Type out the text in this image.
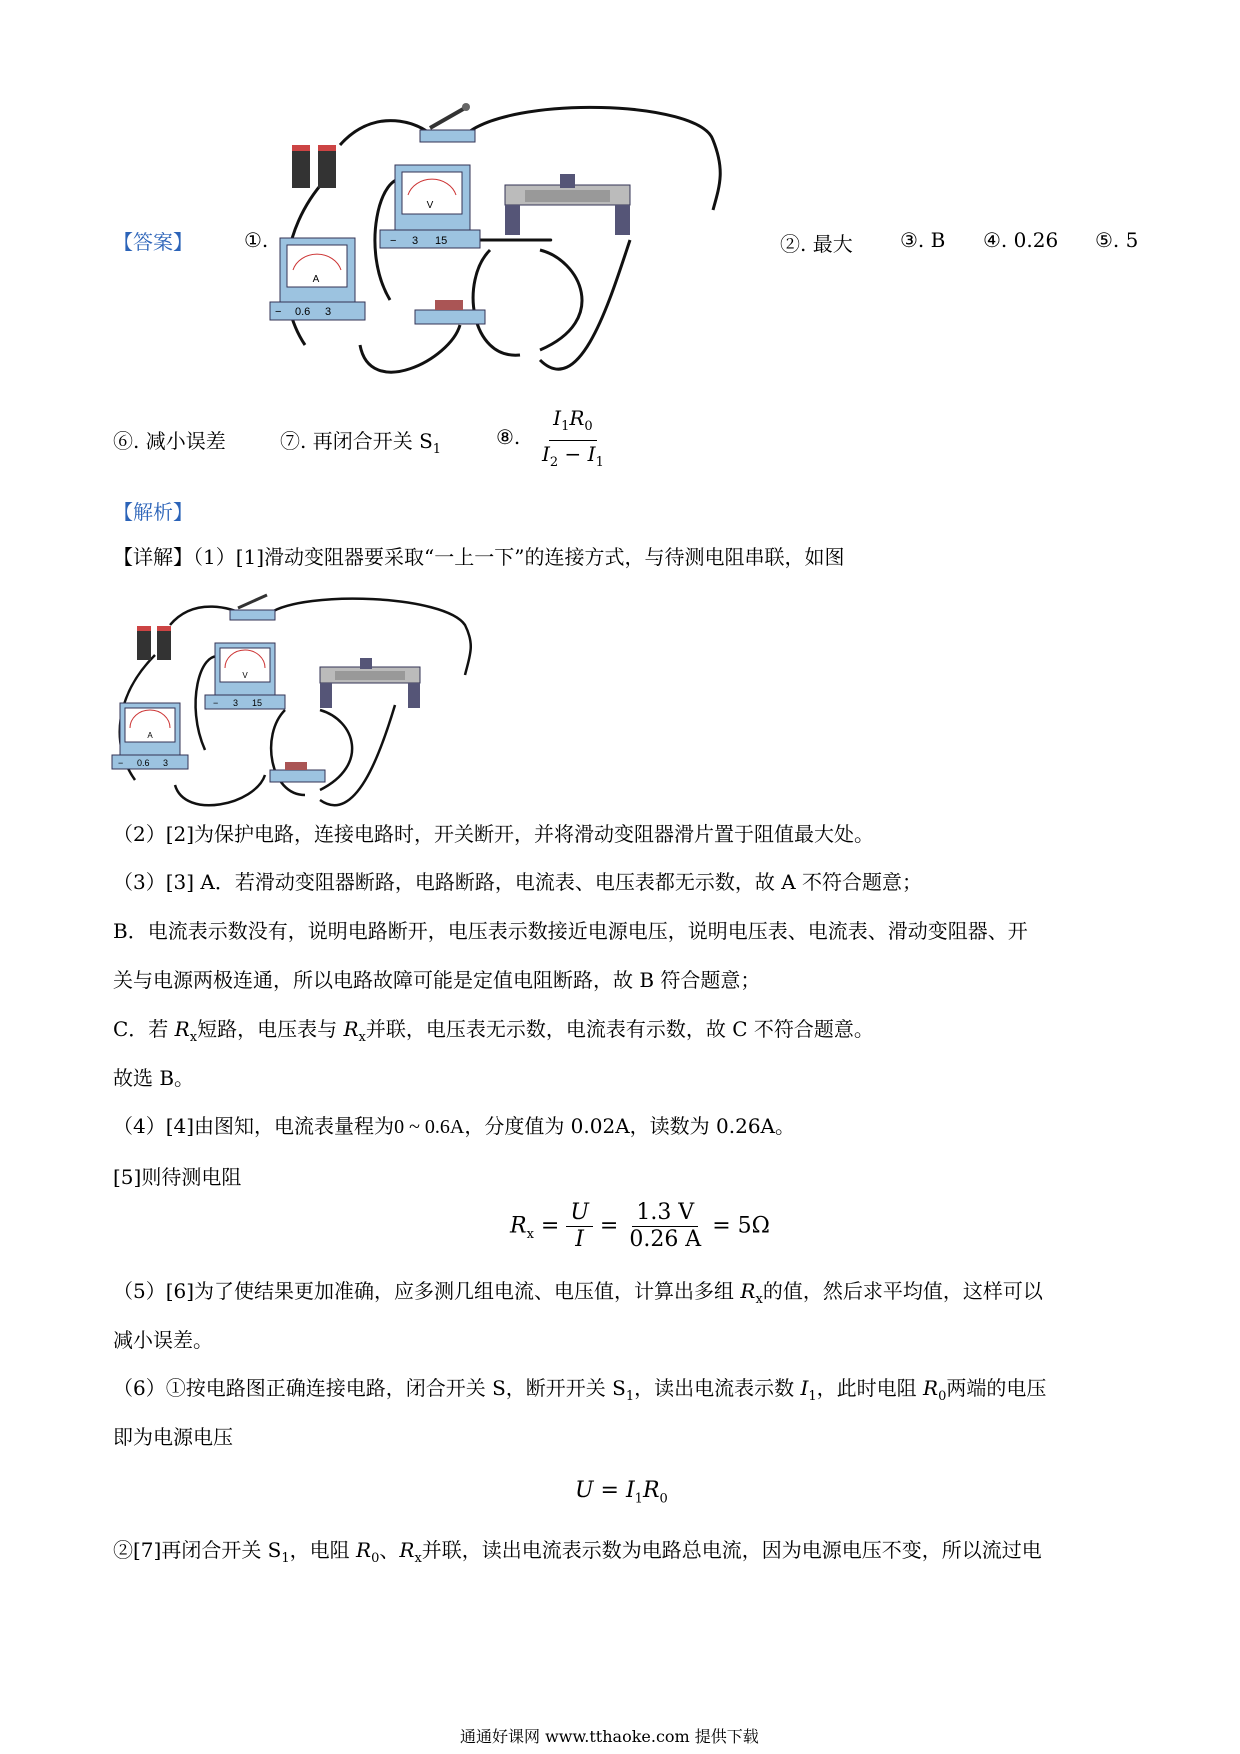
【答案】	①.
V
− 3 15
A
− 0.6 3
②. 最大 ③. B ④. 0.26 ⑤. 5
⑥. 减小误差	⑦. 再闭合开关 $S_1$
⑧. $\frac{I_1R_0}{I_2 - I_1}$
【解析】
【详解】（1）[1]滑动变阻器要采取“一上一下”的连接方式，与待测电阻串联，如图
V
− 3 15
A
− 0.6 3
（2）[2]为保护电路，连接电路时，开关断开，并将滑动变阻器滑片置于阻值最大处。
（3）[3] A．若滑动变阻器断路，电路断路，电流表、电压表都无示数，故 A 不符合题意；
B．电流表示数没有，说明电路断开，电压表示数接近电源电压，说明电压表、电流表、滑动变阻器、开
关与电源两极连通，所以电路故障可能是定值电阻断路，故 B 符合题意；
C．若 $R_x$短路，电压表与 $R_x$并联，电压表无示数，电流表有示数，故 C 不符合题意。
故选 B。
（4）[4]由图知，电流表量程为0 ~ 0.6A，分度值为 0.02A，读数为 0.26A。
[5]则待测电阻
$R_x = \frac{U}{I} = \frac{1.3 V}{0.26 A} = 5\Omega$
（5）[6]为了使结果更加准确，应多测几组电流、电压值，计算出多组 $R_x$的值，然后求平均值，这样可以
减小误差。
（6）①按电路图正确连接电路，闭合开关 S，断开开关 $S_1$，读出电流表示数 $I_1$，此时电阻 $R_0$两端的电压
即为电源电压
$U = I_1R_0$
②[7]再闭合开关 $S_1$，电阻 $R_0$、$R_x$并联，读出电流表示数为电路总电流，因为电源电压不变，所以流过电
通通好课网 www.tthaoke.com 提供下载
